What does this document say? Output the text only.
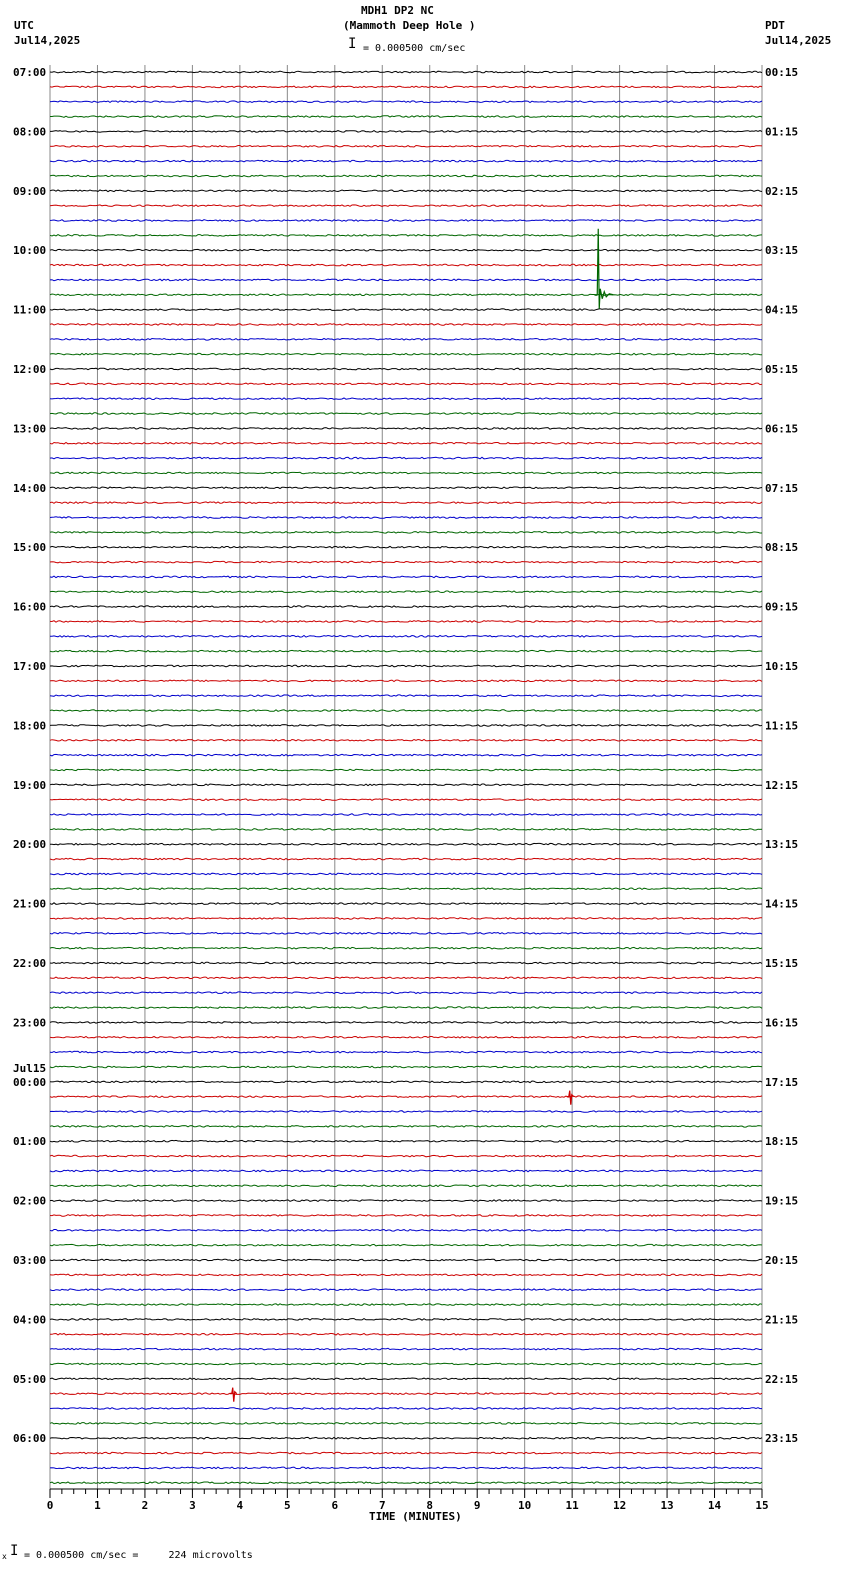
MDH1 DP2 NC
(Mammoth Deep Hole )
I = 0.000500 cm/sec
UTC
Jul14,2025
PDT
Jul14,2025
0	1	2	3	4	5	6	7	8	9	10	11	12	13	14	15
07:00
08:00
09:00
10:00
11:00
12:00
13:00
14:00
15:00
16:00
17:00
18:00
19:00
20:00
21:00
22:00
23:00
00:00
01:00
02:00
03:00
04:00
05:00
06:00
Jul15
00:15
01:15
02:15
03:15
04:15
05:15
06:15
07:15
08:15
09:15
10:15
11:15
12:15
13:15
14:15
15:15
16:15
17:15
18:15
19:15
20:15
21:15
22:15
23:15
TIME (MINUTES)
x I = 0.000500 cm/sec =     224 microvolts
